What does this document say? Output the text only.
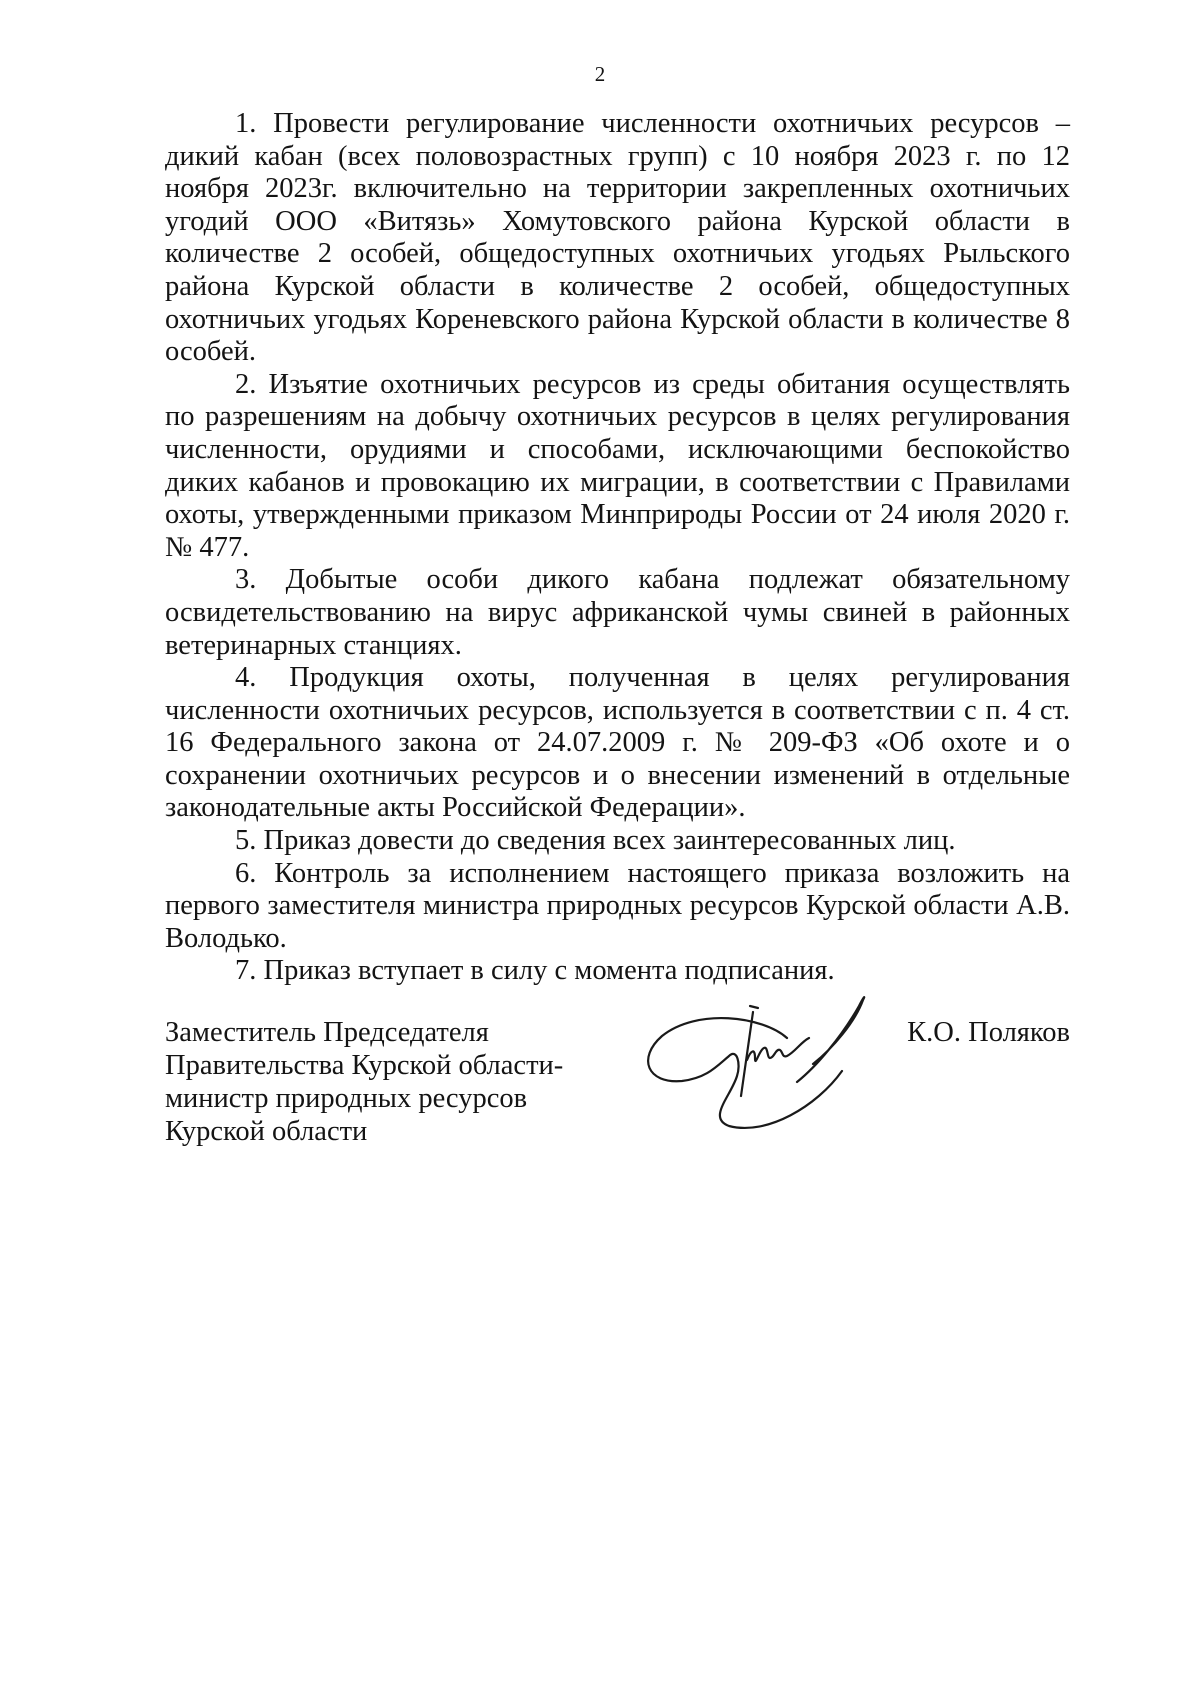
2

1. Провести регулирование численности охотничьих ресурсов – дикий кабан (всех половозрастных групп) с 10 ноября 2023 г. по 12 ноября 2023г. включительно на территории закрепленных охотничьих угодий ООО «Витязь» Хомутовского района Курской области в количестве 2 особей, общедоступных охотничьих угодьях Рыльского района Курской области в количестве 2 особей, общедоступных охотничьих угодьях Кореневского района Курской области в количестве 8 особей.

2. Изъятие охотничьих ресурсов из среды обитания осуществлять по разрешениям на добычу охотничьих ресурсов в целях регулирования численности, орудиями и способами, исключающими беспокойство диких кабанов и провокацию их миграции, в соответствии с Правилами охоты, утвержденными приказом Минприроды России от 24 июля 2020 г. № 477.

3. Добытые особи дикого кабана подлежат обязательному освидетельствованию на вирус африканской чумы свиней в районных ветеринарных станциях.

4. Продукция охоты, полученная в целях регулирования численности охотничьих ресурсов, используется в соответствии с п. 4 ст. 16 Федерального закона от 24.07.2009 г. № 209-ФЗ «Об охоте и о сохранении охотничьих ресурсов и о внесении изменений в отдельные законодательные акты Российской Федерации».

5. Приказ довести до сведения всех заинтересованных лиц.

6. Контроль за исполнением настоящего приказа возложить на первого заместителя министра природных ресурсов Курской области А.В. Володько.

7. Приказ вступает в силу с момента подписания.

Заместитель Председателя
Правительства Курской области-
министр природных ресурсов
Курской области
К.О. Поляков
